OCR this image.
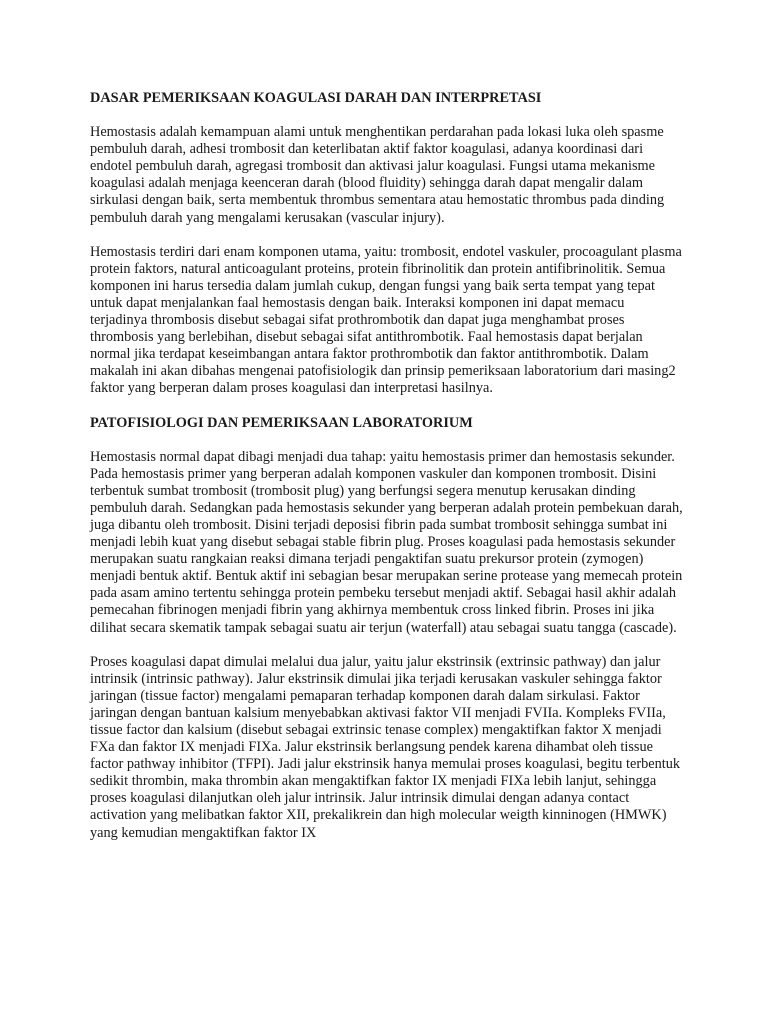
DASAR PEMERIKSAAN KOAGULASI DARAH DAN INTERPRETASI
Hemostasis adalah kemampuan alami untuk menghentikan perdarahan pada lokasi luka oleh spasme pembuluh darah, adhesi trombosit dan keterlibatan aktif faktor koagulasi, adanya koordinasi dari endotel pembuluh darah, agregasi trombosit dan aktivasi jalur koagulasi. Fungsi utama mekanisme koagulasi adalah menjaga keenceran darah (blood fluidity) sehingga darah dapat mengalir dalam sirkulasi dengan baik, serta membentuk thrombus sementara atau hemostatic thrombus pada dinding pembuluh darah yang mengalami kerusakan (vascular injury).
Hemostasis terdiri dari enam komponen utama, yaitu: trombosit, endotel vaskuler, procoagulant plasma protein faktors, natural anticoagulant proteins, protein fibrinolitik dan protein antifibrinolitik. Semua komponen ini harus tersedia dalam jumlah cukup, dengan fungsi yang baik serta tempat yang tepat untuk dapat menjalankan faal hemostasis dengan baik. Interaksi komponen ini dapat memacu terjadinya thrombosis disebut sebagai sifat prothrombotik dan dapat juga menghambat proses thrombosis yang berlebihan, disebut sebagai sifat antithrombotik. Faal hemostasis dapat berjalan normal jika terdapat keseimbangan antara faktor prothrombotik dan faktor antithrombotik. Dalam makalah ini akan dibahas mengenai patofisiologik dan prinsip pemeriksaan laboratorium dari masing2 faktor yang berperan dalam proses koagulasi dan interpretasi hasilnya.
PATOFISIOLOGI DAN PEMERIKSAAN LABORATORIUM
Hemostasis normal dapat dibagi menjadi dua tahap: yaitu hemostasis primer dan hemostasis sekunder. Pada hemostasis primer yang berperan adalah komponen vaskuler dan komponen trombosit. Disini terbentuk sumbat trombosit (trombosit plug) yang berfungsi segera menutup kerusakan dinding pembuluh darah. Sedangkan pada hemostasis sekunder yang berperan adalah protein pembekuan darah, juga dibantu oleh trombosit. Disini terjadi deposisi fibrin pada sumbat trombosit sehingga sumbat ini menjadi lebih kuat yang disebut sebagai stable fibrin plug. Proses koagulasi pada hemostasis sekunder merupakan suatu rangkaian reaksi dimana terjadi pengaktifan suatu prekursor protein (zymogen) menjadi bentuk aktif. Bentuk aktif ini sebagian besar merupakan serine protease yang memecah protein pada asam amino tertentu sehingga protein pembeku tersebut menjadi aktif. Sebagai hasil akhir adalah pemecahan fibrinogen menjadi fibrin yang akhirnya membentuk cross linked fibrin. Proses ini jika dilihat secara skematik tampak sebagai suatu air terjun (waterfall) atau sebagai suatu tangga (cascade).
Proses koagulasi dapat dimulai melalui dua jalur, yaitu jalur ekstrinsik (extrinsic pathway) dan jalur intrinsik (intrinsic pathway). Jalur ekstrinsik dimulai jika terjadi kerusakan vaskuler sehingga faktor jaringan (tissue factor) mengalami pemaparan terhadap komponen darah dalam sirkulasi. Faktor jaringan dengan bantuan kalsium menyebabkan aktivasi faktor VII menjadi FVIIa. Kompleks FVIIa, tissue factor dan kalsium (disebut sebagai extrinsic tenase complex) mengaktifkan faktor X menjadi FXa dan faktor IX menjadi FIXa. Jalur ekstrinsik berlangsung pendek karena dihambat oleh tissue factor pathway inhibitor (TFPI). Jadi jalur ekstrinsik hanya memulai proses koagulasi, begitu terbentuk sedikit thrombin, maka thrombin akan mengaktifkan faktor IX menjadi FIXa lebih lanjut, sehingga proses koagulasi dilanjutkan oleh jalur intrinsik. Jalur intrinsik dimulai dengan adanya contact activation yang melibatkan faktor XII, prekalikrein dan high molecular weigth kinninogen (HMWK) yang kemudian mengaktifkan faktor IX
